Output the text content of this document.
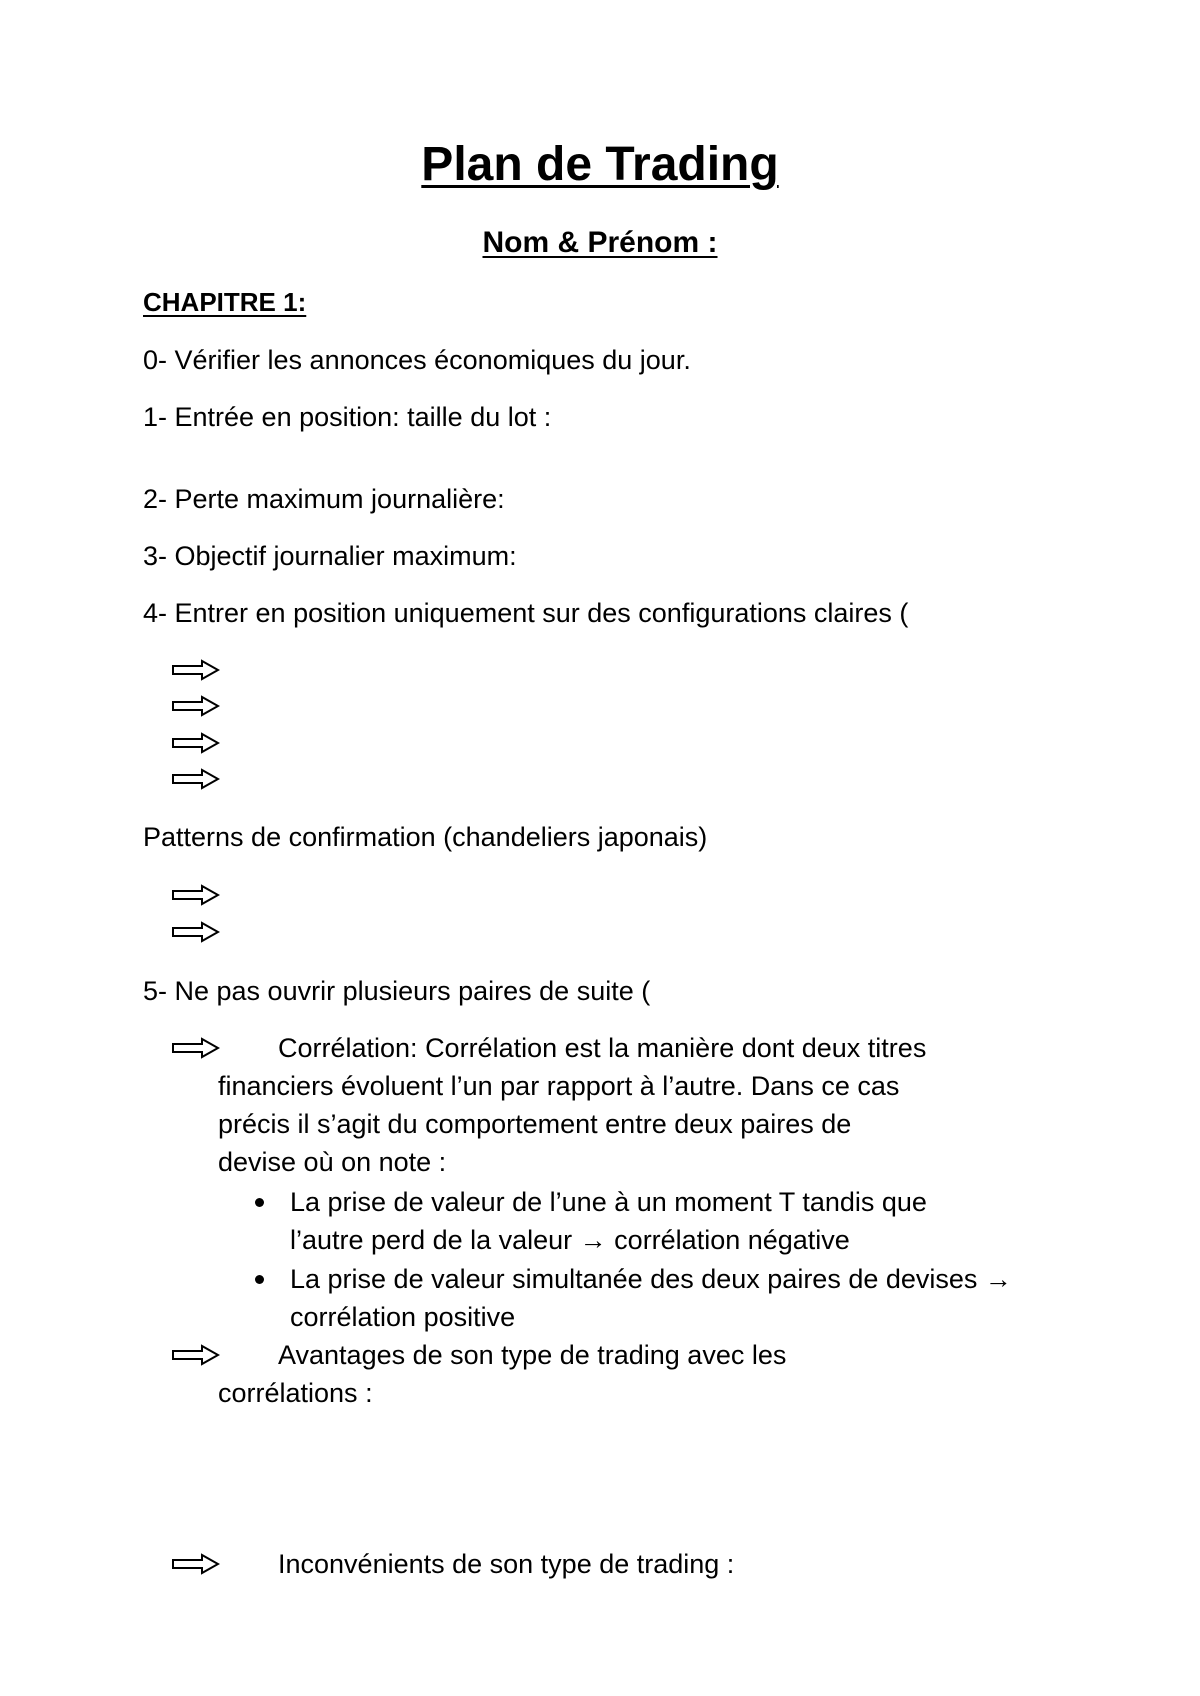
Plan de Trading
Nom & Prénom :
CHAPITRE 1:
0- Vérifier les annonces économiques du jour.
1- Entrée en position: taille du lot :
2- Perte maximum journalière:
3- Objectif journalier maximum:
4- Entrer en position uniquement sur des configurations claires (
Patterns de confirmation (chandeliers japonais)
5- Ne pas ouvrir plusieurs paires de suite (
Corrélation: Corrélation est la manière dont deux titres
financiers évoluent l’un par rapport à l’autre. Dans ce cas
précis il s’agit du comportement entre deux paires de
devise où on note :
La prise de valeur de l’une à un moment T tandis que
l’autre perd de la valeur → corrélation négative
La prise de valeur simultanée des deux paires de devises →
corrélation positive
Avantages de son type de trading avec les
corrélations :
Inconvénients de son type de trading :
